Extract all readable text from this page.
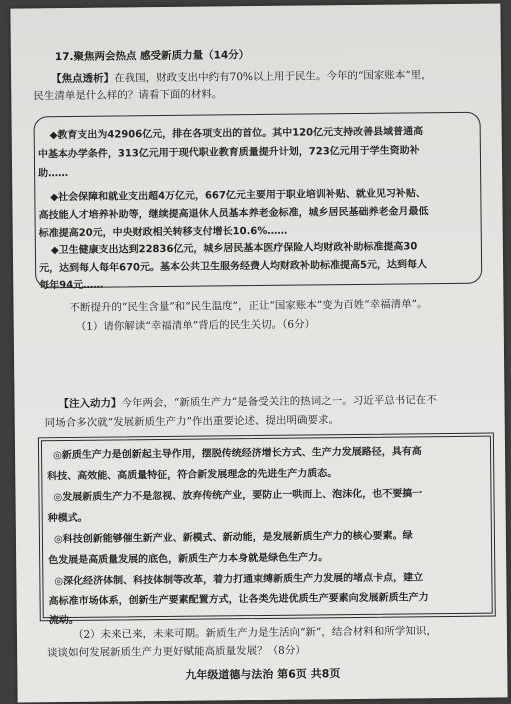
17.聚焦两会热点 感受新质力量（14分）
【焦点透析】在我国，财政支出中约有70%以上用于民生。今年的“国家账本”里，
民生清单是什么样的？请看下面的材料。
◆教育支出为42906亿元，排在各项支出的首位。其中120亿元支持改善县域普通高
中基本办学条件，313亿元用于现代职业教育质量提升计划，723亿元用于学生资助补
助……
◆社会保障和就业支出超4万亿元，667亿元主要用于职业培训补贴、就业见习补贴、
高技能人才培养补助等，继续提高退休人员基本养老金标准，城乡居民基础养老金月最低
标准提高20元，中央财政相关转移支付增长10.6%……
◆卫生健康支出达到22836亿元，城乡居民基本医疗保险人均财政补助标准提高30
元，达到每人每年670元。基本公共卫生服务经费人均财政补助标准提高5元，达到每人
每年94元……
不断提升的“民生含量”和“民生温度”，正让“国家账本”变为百姓“幸福清单”。
（1）请你解读“幸福清单”背后的民生关切。（6分）
【注入动力】今年两会，“新质生产力”是备受关注的热词之一。习近平总书记在不
同场合多次就“发展新质生产力”作出重要论述、提出明确要求。
◎新质生产力是创新起主导作用，摆脱传统经济增长方式、生产力发展路径，具有高
科技、高效能、高质量特征，符合新发展理念的先进生产力质态。
◎发展新质生产力不是忽视、放弃传统产业，要防止一哄而上、泡沫化，也不要搞一
种模式。
◎科技创新能够催生新产业、新模式、新动能，是发展新质生产力的核心要素。绿
色发展是高质量发展的底色，新质生产力本身就是绿色生产力。
◎深化经济体制、科技体制等改革，着力打通束缚新质生产力发展的堵点卡点，建立
高标准市场体系，创新生产要素配置方式，让各类先进优质生产要素向发展新质生产力
流动。
（2）未来已来，未来可期。新质生产力是生活向“新”，结合材料和所学知识，
谈谈如何发展新质生产力更好赋能高质量发展？（8分）
九年级道德与法治 第6页 共8页
